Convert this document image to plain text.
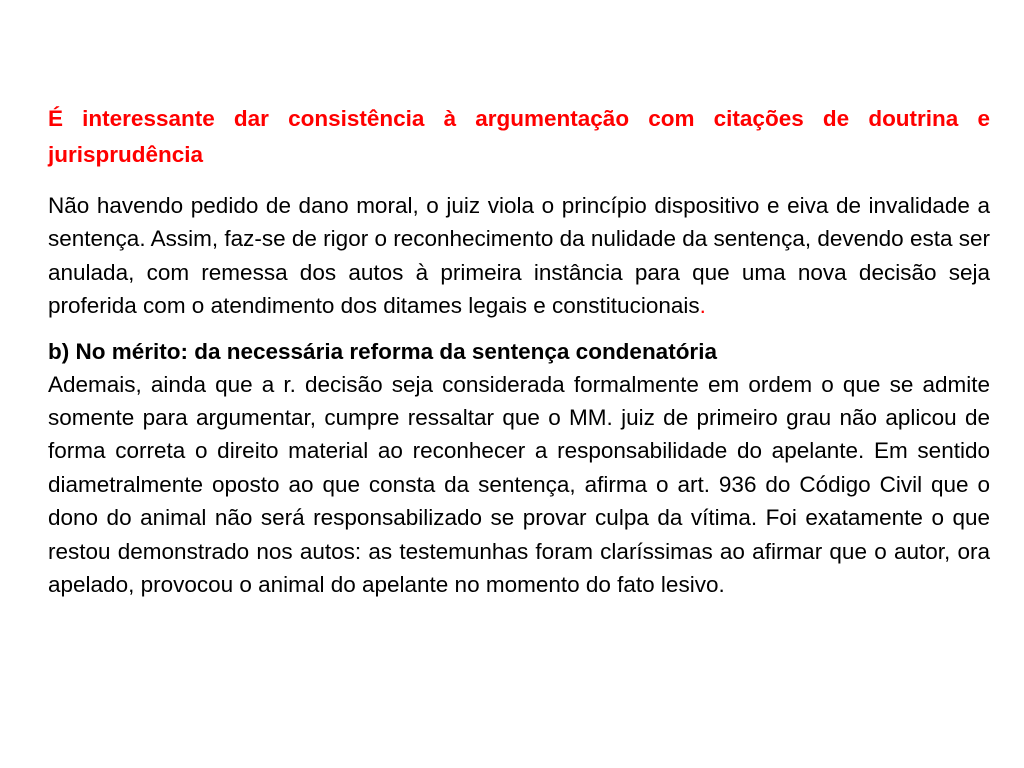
É interessante dar consistência à argumentação com citações de doutrina e jurisprudência

Não havendo pedido de dano moral, o juiz viola o princípio dispositivo e eiva de invalidade a sentença. Assim, faz-se de rigor o reconhecimento da nulidade da sentença, devendo esta ser anulada, com remessa dos autos à primeira instância para que uma nova decisão seja proferida com o atendimento dos ditames legais e constitucionais.

b) No mérito: da necessária reforma da sentença condenatória

Ademais, ainda que a r. decisão seja considerada formalmente em ordem o que se admite somente para argumentar, cumpre ressaltar que o MM. juiz de primeiro grau não aplicou de forma correta o direito material ao reconhecer a responsabilidade do apelante. Em sentido diametralmente oposto ao que consta da sentença, afirma o art. 936 do Código Civil que o dono do animal não será responsabilizado se provar culpa da vítima. Foi exatamente o que restou demonstrado nos autos: as testemunhas foram claríssimas ao afirmar que o autor, ora apelado, provocou o animal do apelante no momento do fato lesivo.
